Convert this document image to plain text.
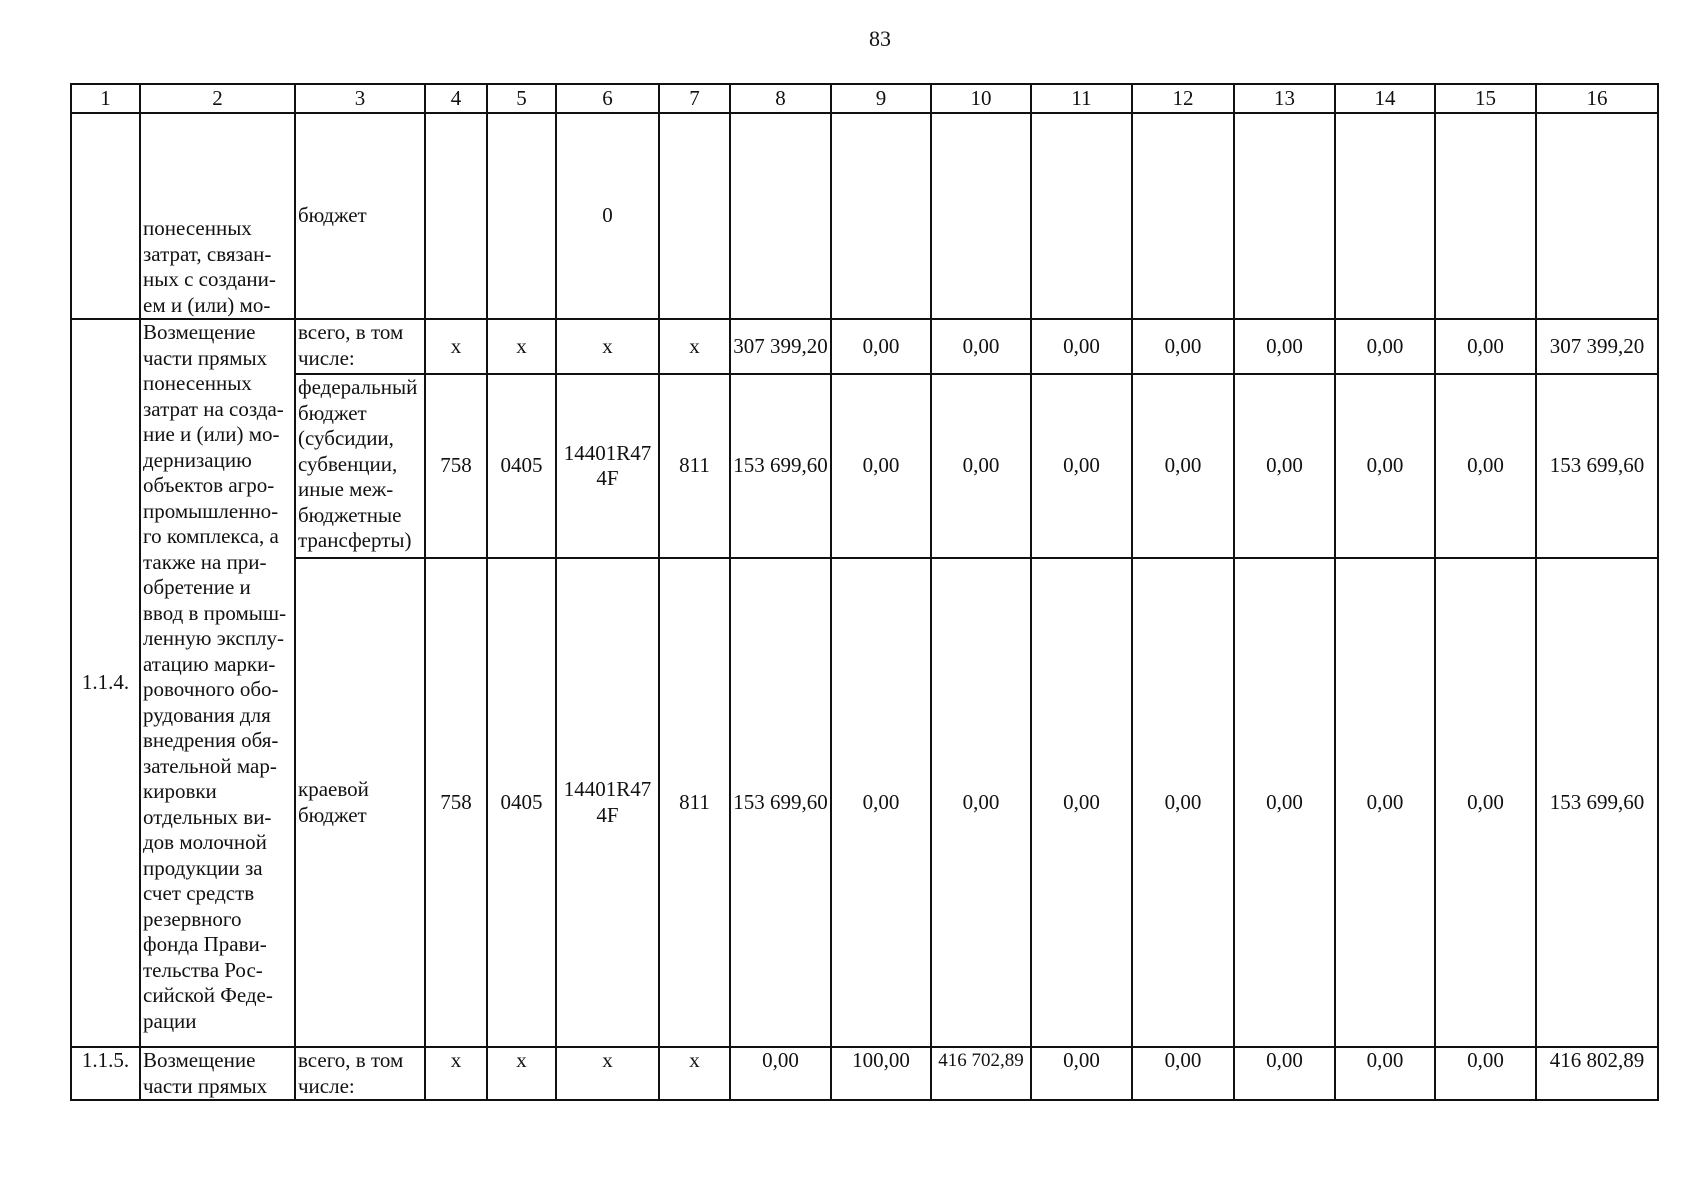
83
1	2	3	4	5	6	7	8	9	10	11	12	13	14	15	16
	понесенных затрат, связан-ных с создани-ем и (или) мо-	бюджет			0										
1.1.4.	Возмещение части прямых понесенных затрат на созда-ние и (или) мо-дернизацию объектов агро-промышленно-го комплекса, а также на при-обретение и ввод в промыш-ленную эксплу-атацию марки-ровочного обо-рудования для внедрения обя-зательной мар-кировки отдельных ви-дов молочной продукции за счет средств резервного фонда Прави-тельства Рос-сийской Феде-рации	всего, в том числе:	х	х	х	х	307 399,20	0,00	0,00	0,00	0,00	0,00	0,00	0,00	307 399,20
		федеральный бюджет (субсидии, субвенции, иные меж-бюджетные трансферты)	758	0405	14401R474F	811	153 699,60	0,00	0,00	0,00	0,00	0,00	0,00	0,00	153 699,60
		краевой бюджет	758	0405	14401R474F	811	153 699,60	0,00	0,00	0,00	0,00	0,00	0,00	0,00	153 699,60
1.1.5.	Возмещение части прямых	всего, в том числе:	х	х	х	х	0,00	100,00	416 702,89	0,00	0,00	0,00	0,00	0,00	416 802,89
